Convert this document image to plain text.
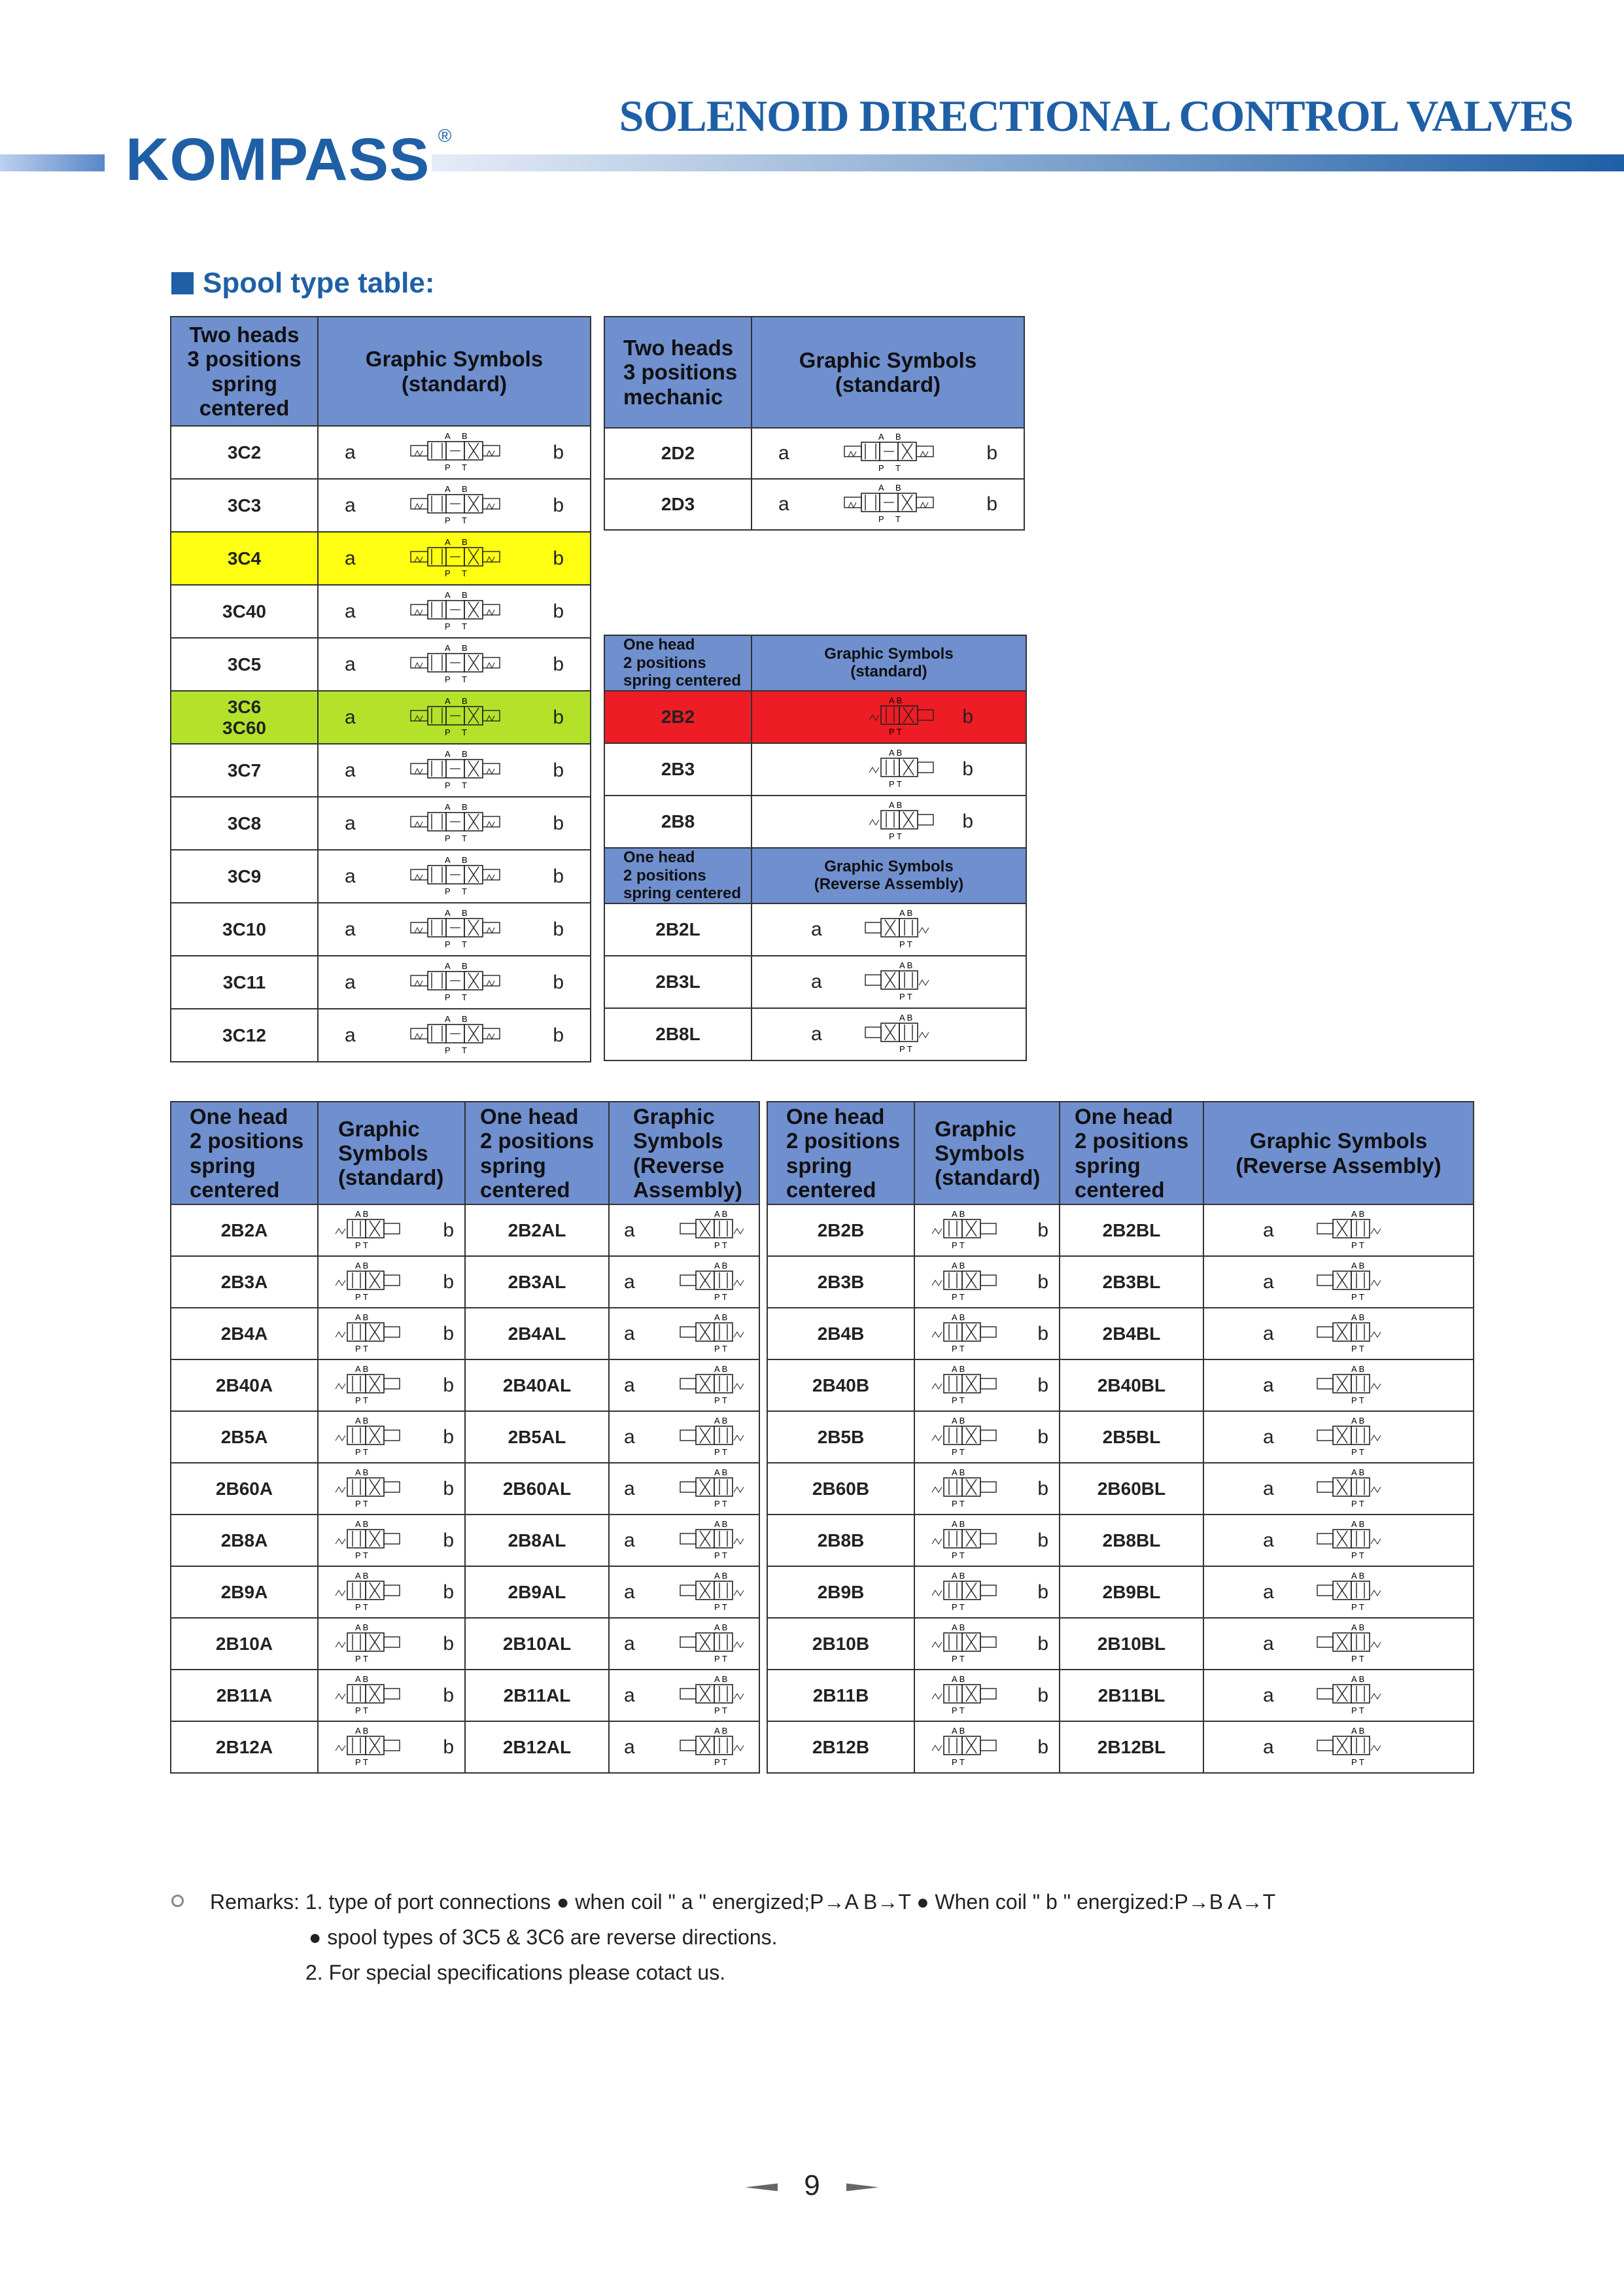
SOLENOID DIRECTIONAL CONTROL VALVES
KOMPASS ®
Spool type table:
Two heads
3 positions
spring
centered	Graphic Symbols
(standard)
3C2	a b

3C3	a b

3C4	a b

3C40	a b

3C5	a b

3C6
3C60	a b

3C7	a b

3C8	a b

3C9	a b

3C10	a b

3C11	a b

3C12	a b
Two heads
3 positions
mechanic	Graphic Symbols
(standard)
2D2	a b

2D3	a b
One head
2 positions
spring centered	Graphic Symbols
(standard)
2B2	b

2B3	b

2B8	b
One head
2 positions
spring centered	Graphic Symbols
(Reverse Assembly)
2B2L	a

2B3L	a

2B8L	a
One head
2 positions
spring
centered	Graphic
Symbols
(standard)	One head
2 positions
spring
centered	Graphic
Symbols
(Reverse
Assembly)
2B2A	b	2B2AL	a

2B3A	b	2B3AL	a

2B4A	b	2B4AL	a

2B40A	b	2B40AL	a

2B5A	b	2B5AL	a

2B60A	b	2B60AL	a

2B8A	b	2B8AL	a

2B9A	b	2B9AL	a

2B10A	b	2B10AL	a

2B11A	b	2B11AL	a

2B12A	b	2B12AL	a
One head
2 positions
spring
centered	Graphic
Symbols
(standard)	One head
2 positions
spring
centered	Graphic Symbols
(Reverse Assembly)
2B2B	b	2B2BL	a

2B3B	b	2B3BL	a

2B4B	b	2B4BL	a

2B40B	b	2B40BL	a

2B5B	b	2B5BL	a

2B60B	b	2B60BL	a

2B8B	b	2B8BL	a

2B9B	b	2B9BL	a

2B10B	b	2B10BL	a

2B11B	b	2B11BL	a

2B12B	b	2B12BL	a
Remarks: 1. type of port connections ● when coil " a " energized;P→A B→T ● When coil " b " energized:P→B A→T
● spool types of 3C5 & 3C6 are reverse directions.
2. For special specifications please cotact us.
9
